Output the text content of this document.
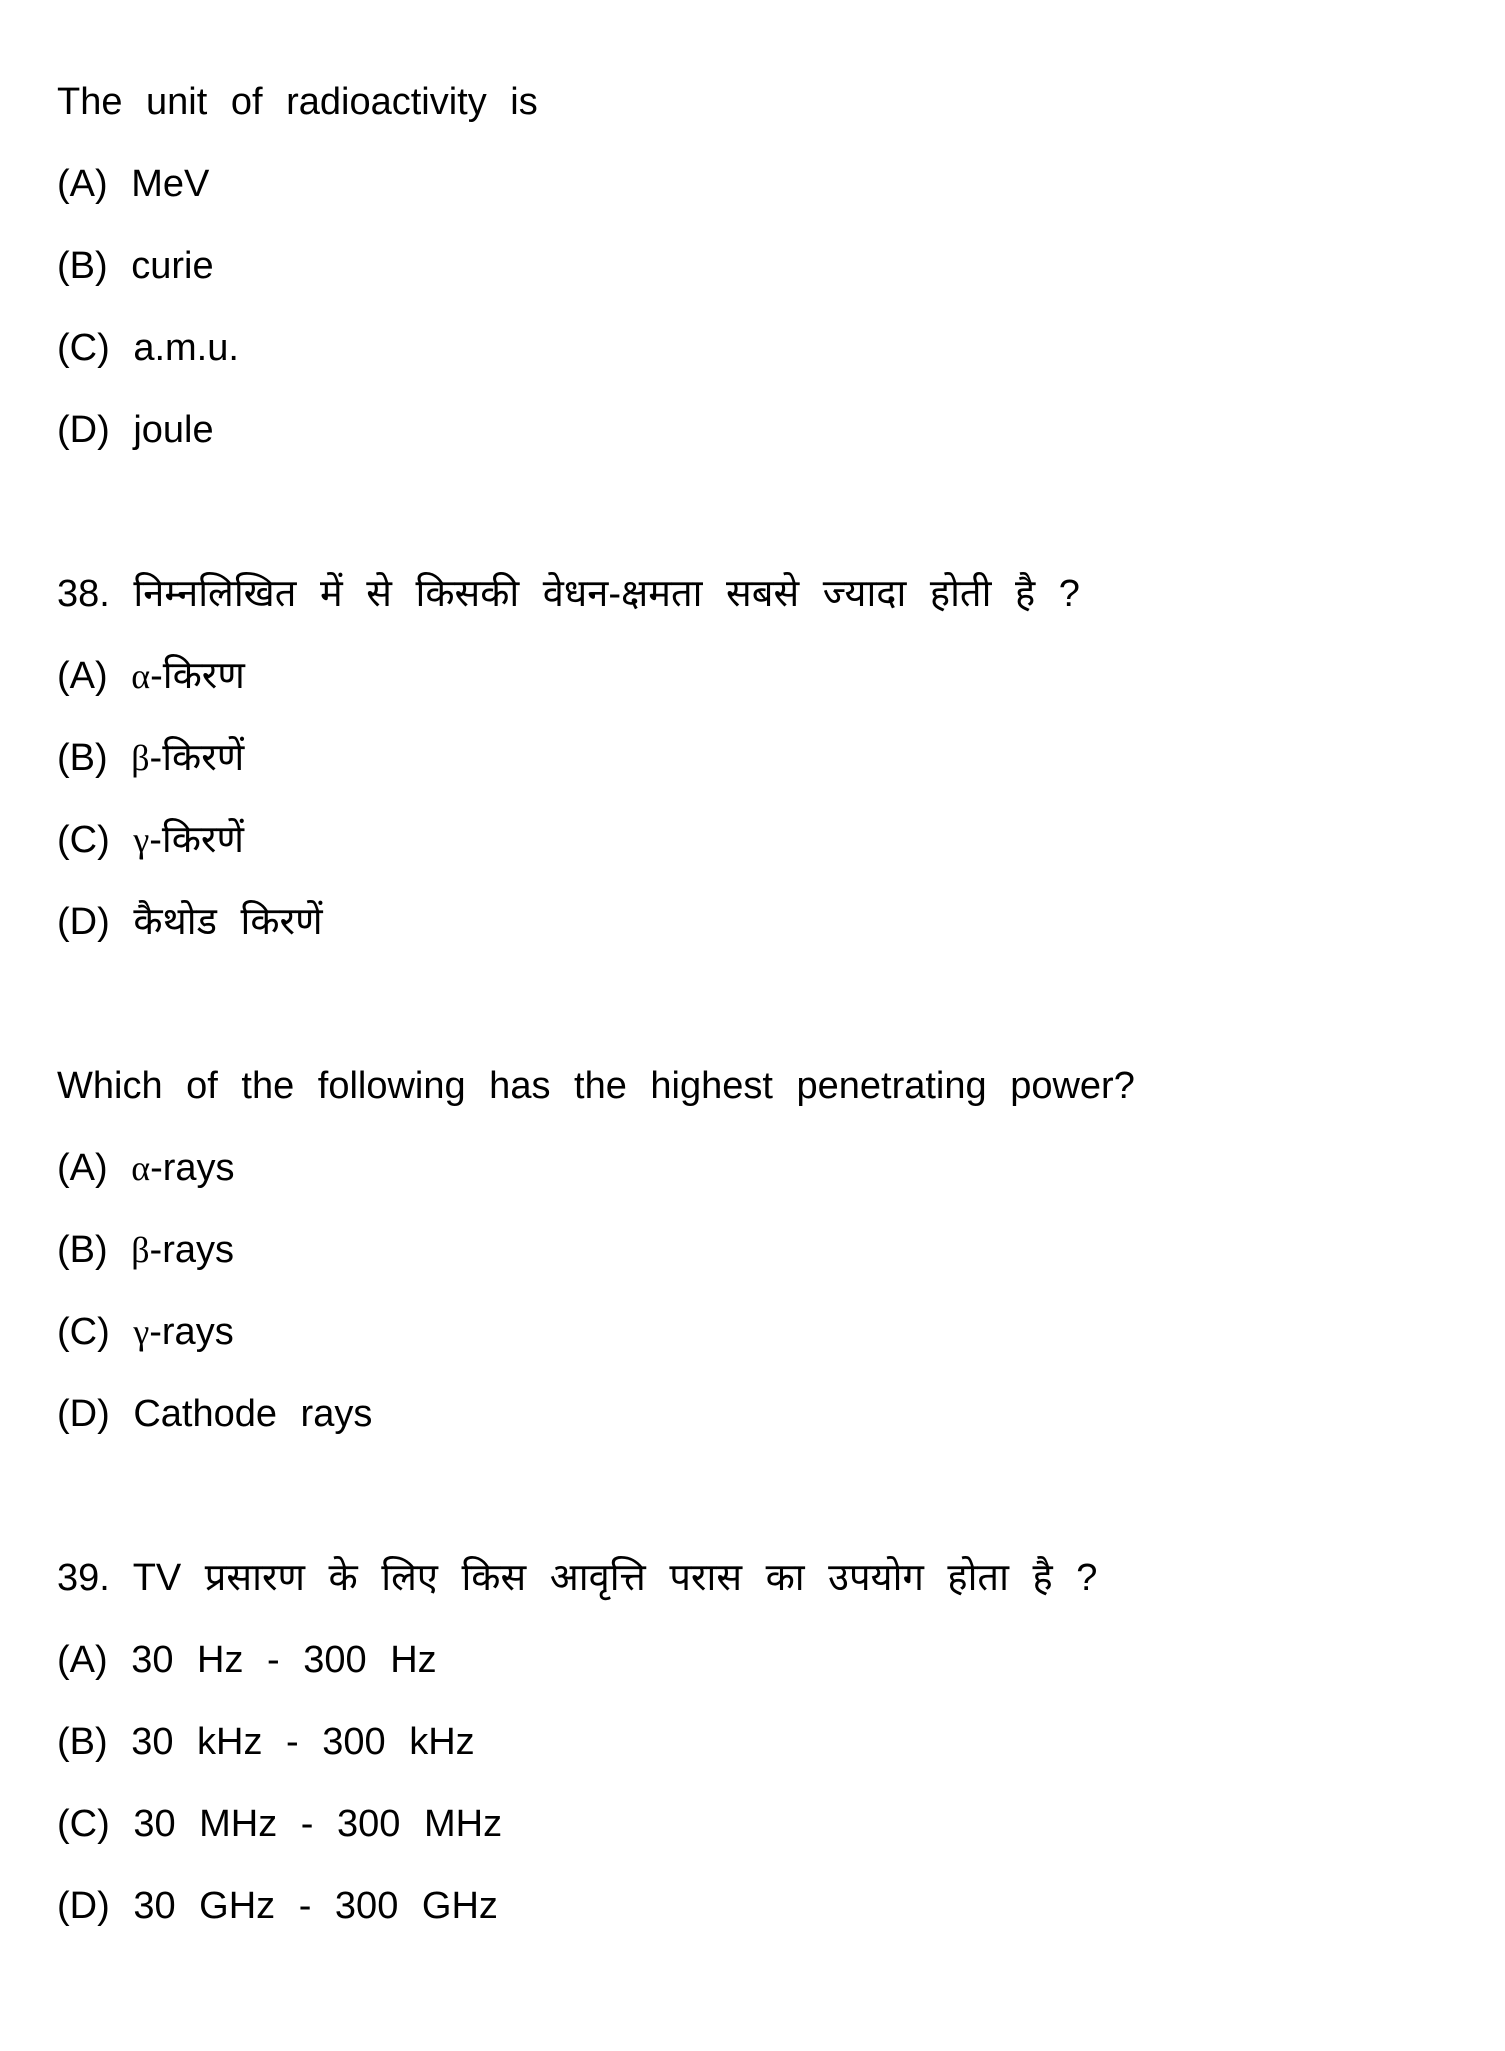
The unit of radioactivity is
(A) MeV
(B) curie
(C) a.m.u.
(D) joule
38. निम्नलिखित में से किसकी वेधन-क्षमता सबसे ज्यादा होती है ?
(A) α-किरण
(B) β-किरणें
(C) γ-किरणें
(D) कैथोड किरणें
Which of the following has the highest penetrating power?
(A) α-rays
(B) β-rays
(C) γ-rays
(D) Cathode rays
39. TV प्रसारण के लिए किस आवृत्ति परास का उपयोग होता है ?
(A) 30 Hz - 300 Hz
(B) 30 kHz - 300 kHz
(C) 30 MHz - 300 MHz
(D) 30 GHz - 300 GHz
